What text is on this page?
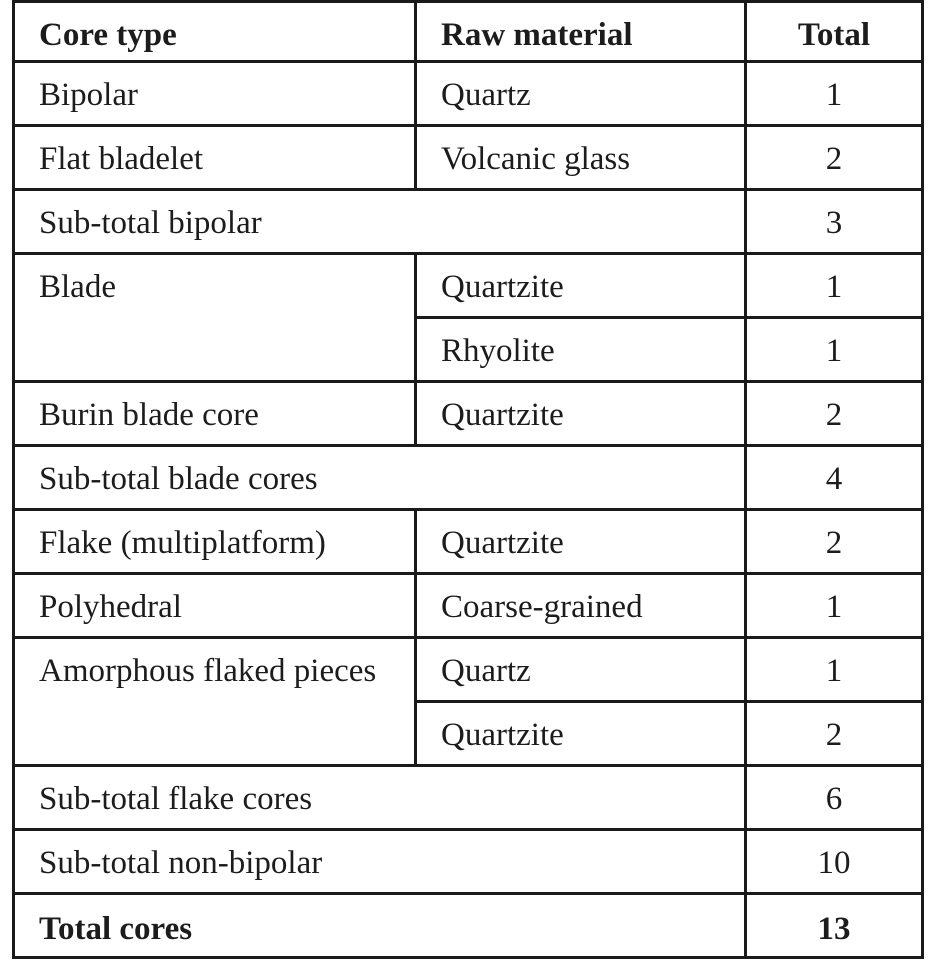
Core type	Raw material	Total
Bipolar	Quartz	1
Flat bladelet	Volcanic glass	2
Sub-total bipolar		3
Blade	Quartzite	1
	Rhyolite	1
Burin blade core	Quartzite	2
Sub-total blade cores		4
Flake (multiplatform)	Quartzite	2
Polyhedral	Coarse-grained	1
Amorphous flaked pieces	Quartz	1
	Quartzite	2
Sub-total flake cores		6
Sub-total non-bipolar		10
Total cores		13
